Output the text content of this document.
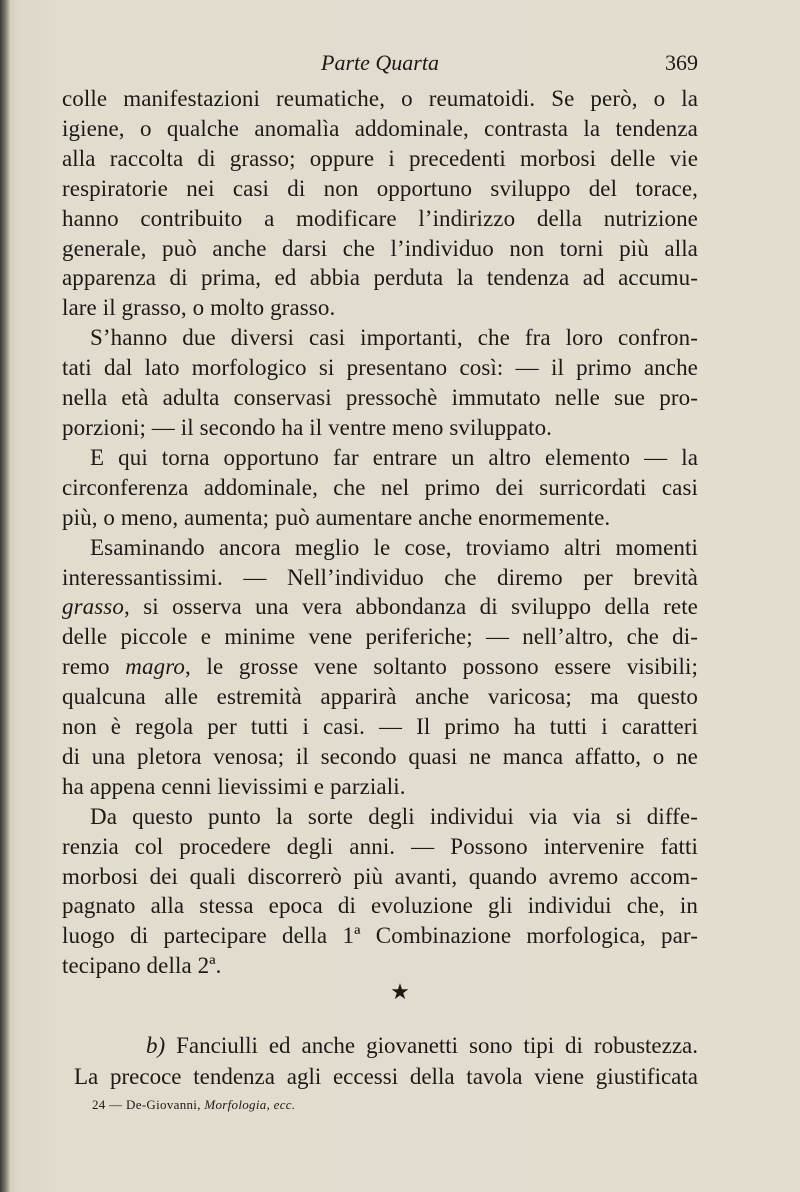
Parte Quarta	369
colle manifestazioni reumatiche, o reumatoidi. Se però, o la
igiene, o qualche anomalìa addominale, contrasta la tendenza
alla raccolta di grasso; oppure i precedenti morbosi delle vie
respiratorie nei casi di non opportuno sviluppo del torace,
hanno contribuito a modificare l’indirizzo della nutrizione
generale, può anche darsi che l’individuo non torni più alla
apparenza di prima, ed abbia perduta la tendenza ad accumu-
lare il grasso, o molto grasso.
S’hanno due diversi casi importanti, che fra loro confron-
tati dal lato morfologico si presentano così: — il primo anche
nella età adulta conservasi pressochè immutato nelle sue pro-
porzioni; — il secondo ha il ventre meno sviluppato.
E qui torna opportuno far entrare un altro elemento — la
circonferenza addominale, che nel primo dei surricordati casi
più, o meno, aumenta; può aumentare anche enormemente.
Esaminando ancora meglio le cose, troviamo altri momenti
interessantissimi. — Nell’individuo che diremo per brevità
grasso, si osserva una vera abbondanza di sviluppo della rete
delle piccole e minime vene periferiche; — nell’altro, che di-
remo magro, le grosse vene soltanto possono essere visibili;
qualcuna alle estremità apparirà anche varicosa; ma questo
non è regola per tutti i casi. — Il primo ha tutti i caratteri
di una pletora venosa; il secondo quasi ne manca affatto, o ne
ha appena cenni lievissimi e parziali.
Da questo punto la sorte degli individui via via si diffe-
renzia col procedere degli anni. — Possono intervenire fatti
morbosi dei quali discorrerò più avanti, quando avremo accom-
pagnato alla stessa epoca di evoluzione gli individui che, in
luogo di partecipare della 1ª Combinazione morfologica, par-
tecipano della 2ª.
★
b) Fanciulli ed anche giovanetti sono tipi di robustezza.
La precoce tendenza agli eccessi della tavola viene giustificata
24 — De-Giovanni, Morfologia, ecc.
